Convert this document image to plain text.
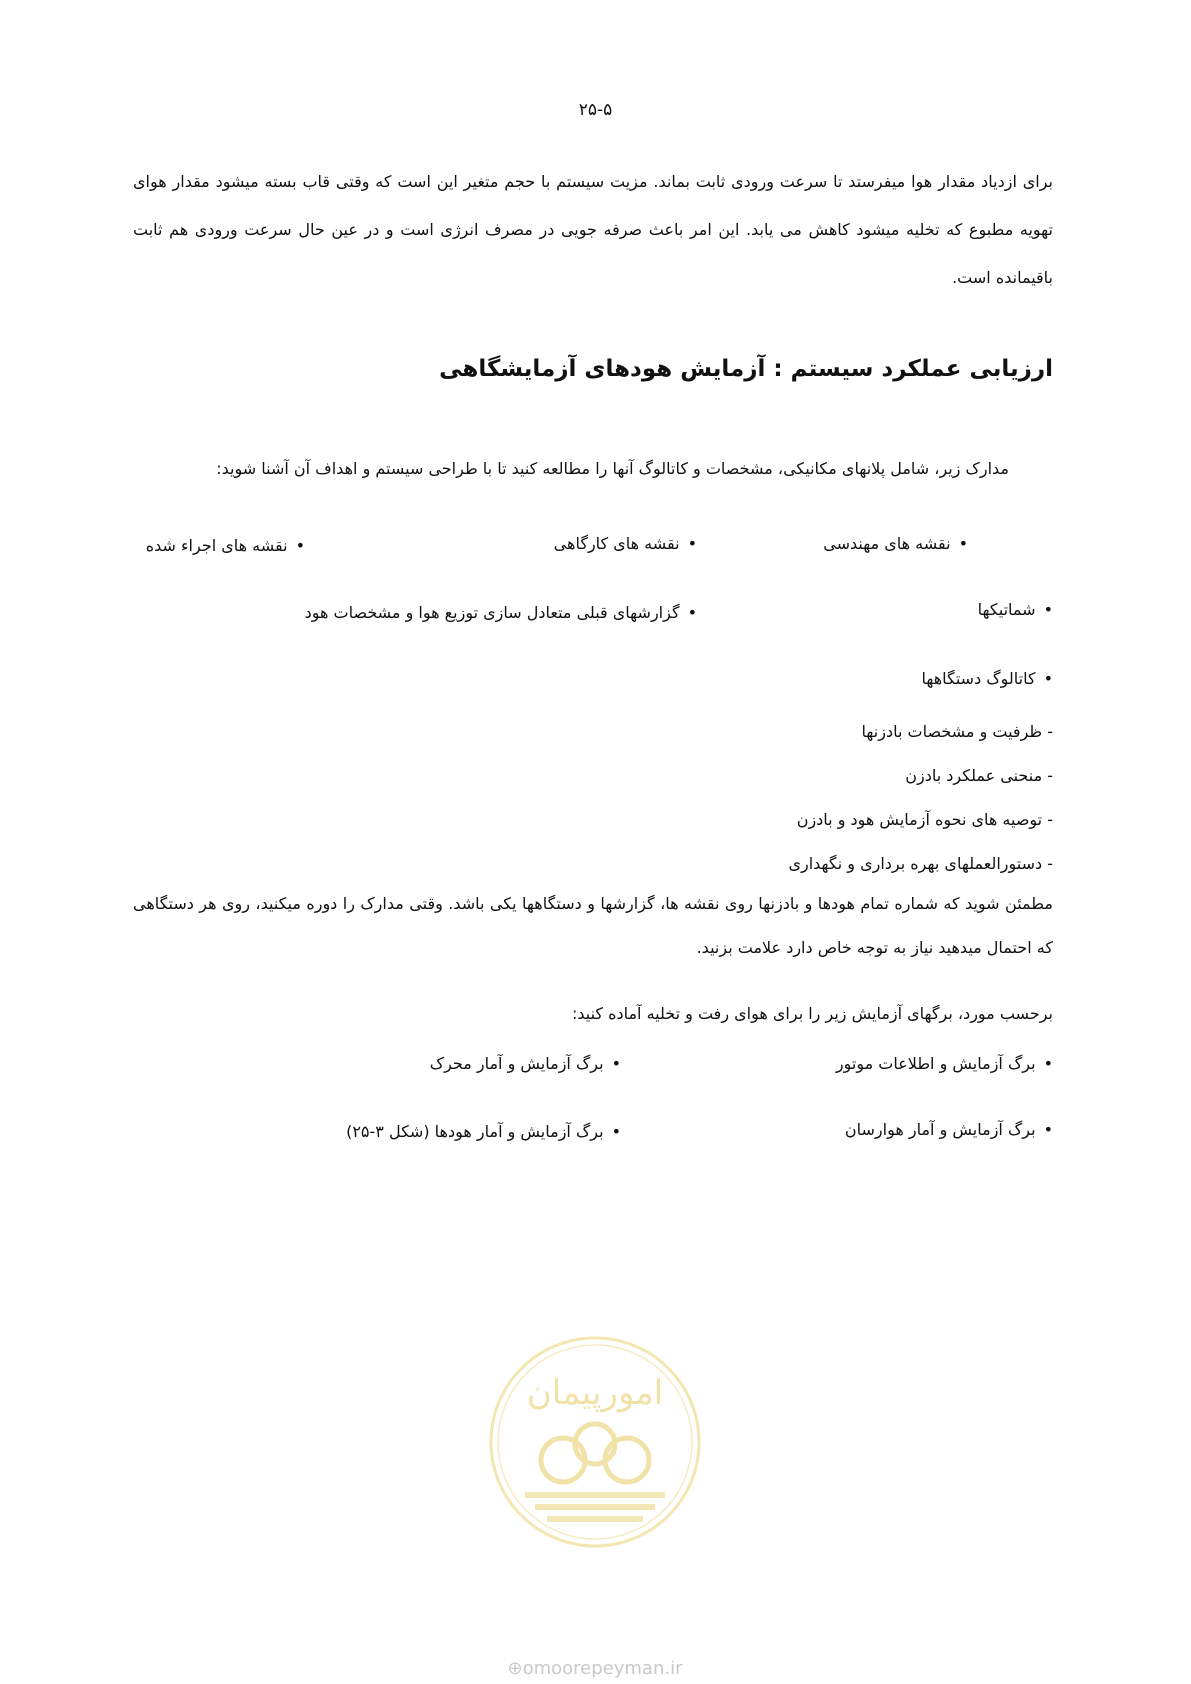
۲۵-۵
برای ازدیاد مقدار هوا میفرستد تا سرعت ورودی ثابت بماند. مزیت سیستم با حجم متغیر این است که وقتی قاب بسته میشود مقدار هوای تهویه مطبوع که تخلیه میشود کاهش می یابد. این امر باعث صرفه جویی در مصرف انرژی است و در عین حال سرعت ورودی هم ثابت باقیمانده است.
ارزیابی عملکرد سیستم : آزمایش هودهای آزمایشگاهی
مدارک زیر، شامل پلانهای مکانیکی، مشخصات و کاتالوگ آنها را مطالعه کنید تا با طراحی سیستم و اهداف آن آشنا شوید:
•نقشه های مهندسی
•نقشه های کارگاهی
•نقشه های اجراء شده
•شماتیکها
•گزارشهای قبلی متعادل سازی توزیع هوا و مشخصات هود
•کاتالوگ دستگاهها
- ظرفیت و مشخصات بادزنها
- منحنی عملکرد بادزن
- توصیه های نحوه آزمایش هود و بادزن
- دستورالعملهای بهره برداری و نگهداری
مطمئن شوید که شماره تمام هودها و بادزنها روی نقشه ها، گزارشها و دستگاهها یکی باشد. وقتی مدارک را دوره میکنید، روی هر دستگاهی که احتمال میدهید نیاز به توجه خاص دارد علامت بزنید.
برحسب مورد، برگهای آزمایش زیر را برای هوای رفت و تخلیه آماده کنید:
•برگ آزمایش و اطلاعات موتور
•برگ آزمایش و آمار محرک
•برگ آزمایش و آمار هوارسان
•برگ آزمایش و آمار هودها (شکل ۳-۲۵)
امورپیمان
⊕omoorepeyman.ir
